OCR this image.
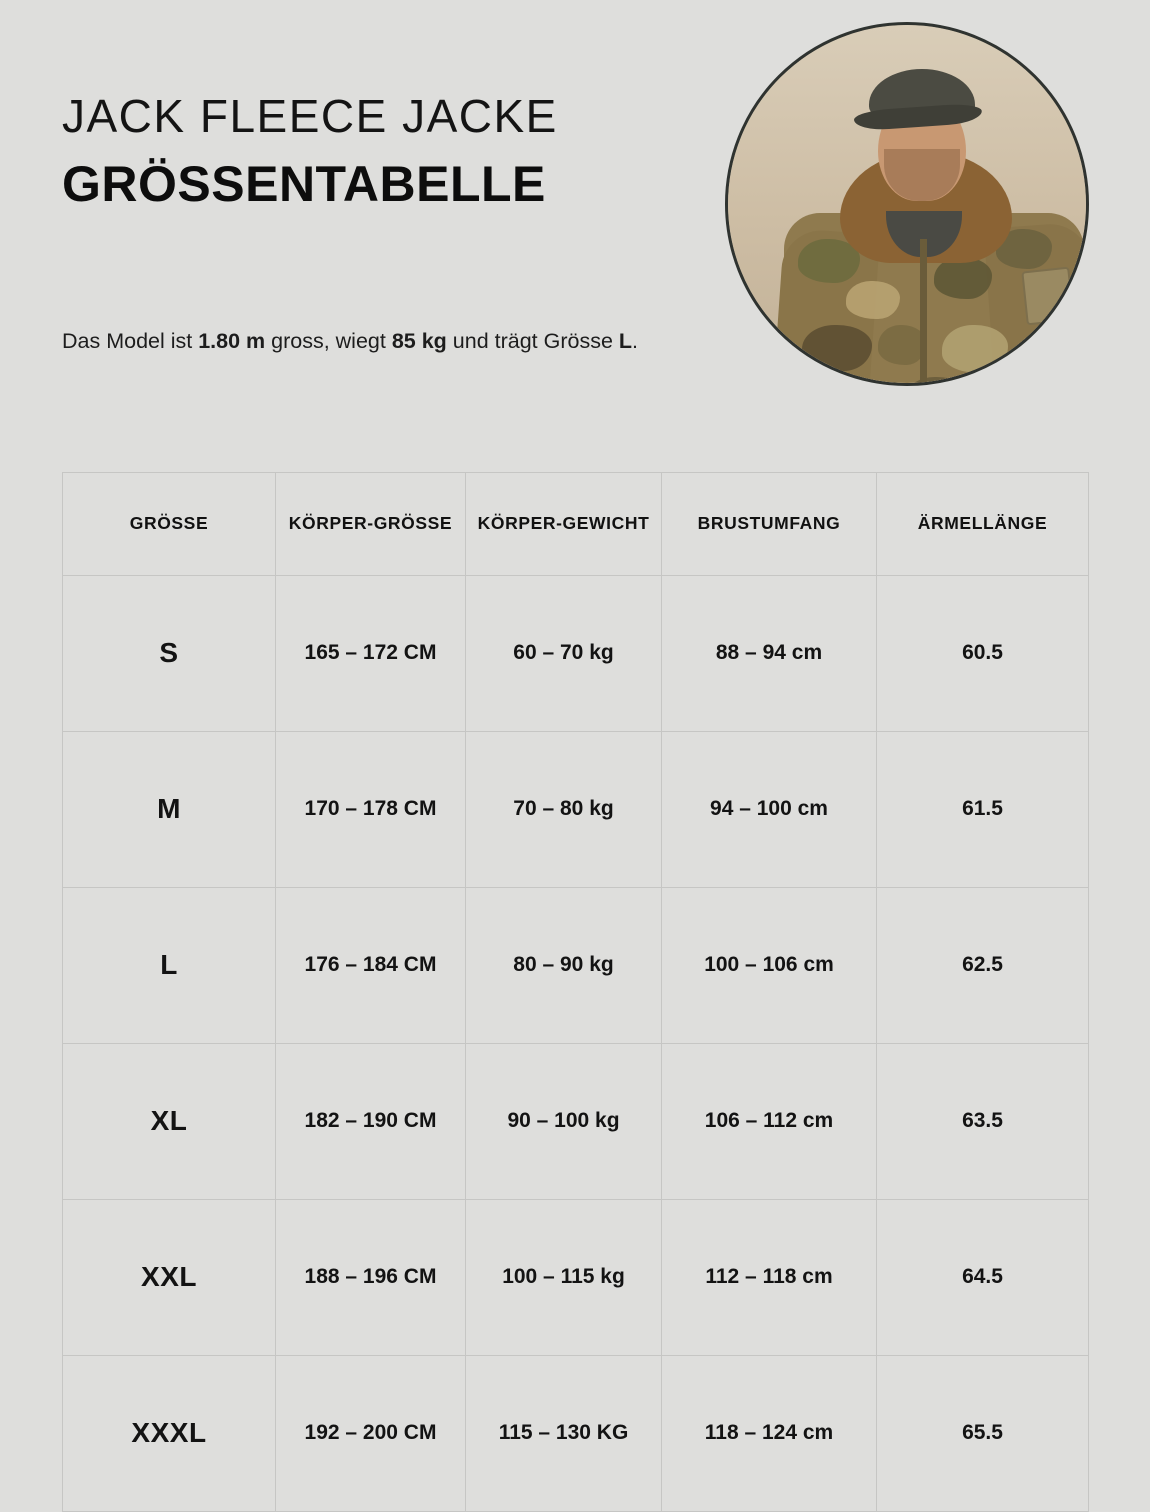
JACK FLEECE JACKE
GRÖSSENTABELLE
Das Model ist 1.80 m gross, wiegt 85 kg und trägt Grösse L.
GRÖSSE	KÖRPER-GRÖSSE	KÖRPER-GEWICHT	BRUSTUMFANG	ÄRMELLÄNGE
S	165 – 172 CM	60 – 70 kg	88 – 94 cm	60.5
M	170 – 178 CM	70 – 80 kg	94 – 100 cm	61.5
L	176 – 184 CM	80 – 90 kg	100 – 106 cm	62.5
XL	182 – 190 CM	90 – 100 kg	106 – 112 cm	63.5
XXL	188 – 196 CM	100 – 115 kg	112 – 118 cm	64.5
XXXL	192 – 200 CM	115 – 130 KG	118 – 124 cm	65.5
